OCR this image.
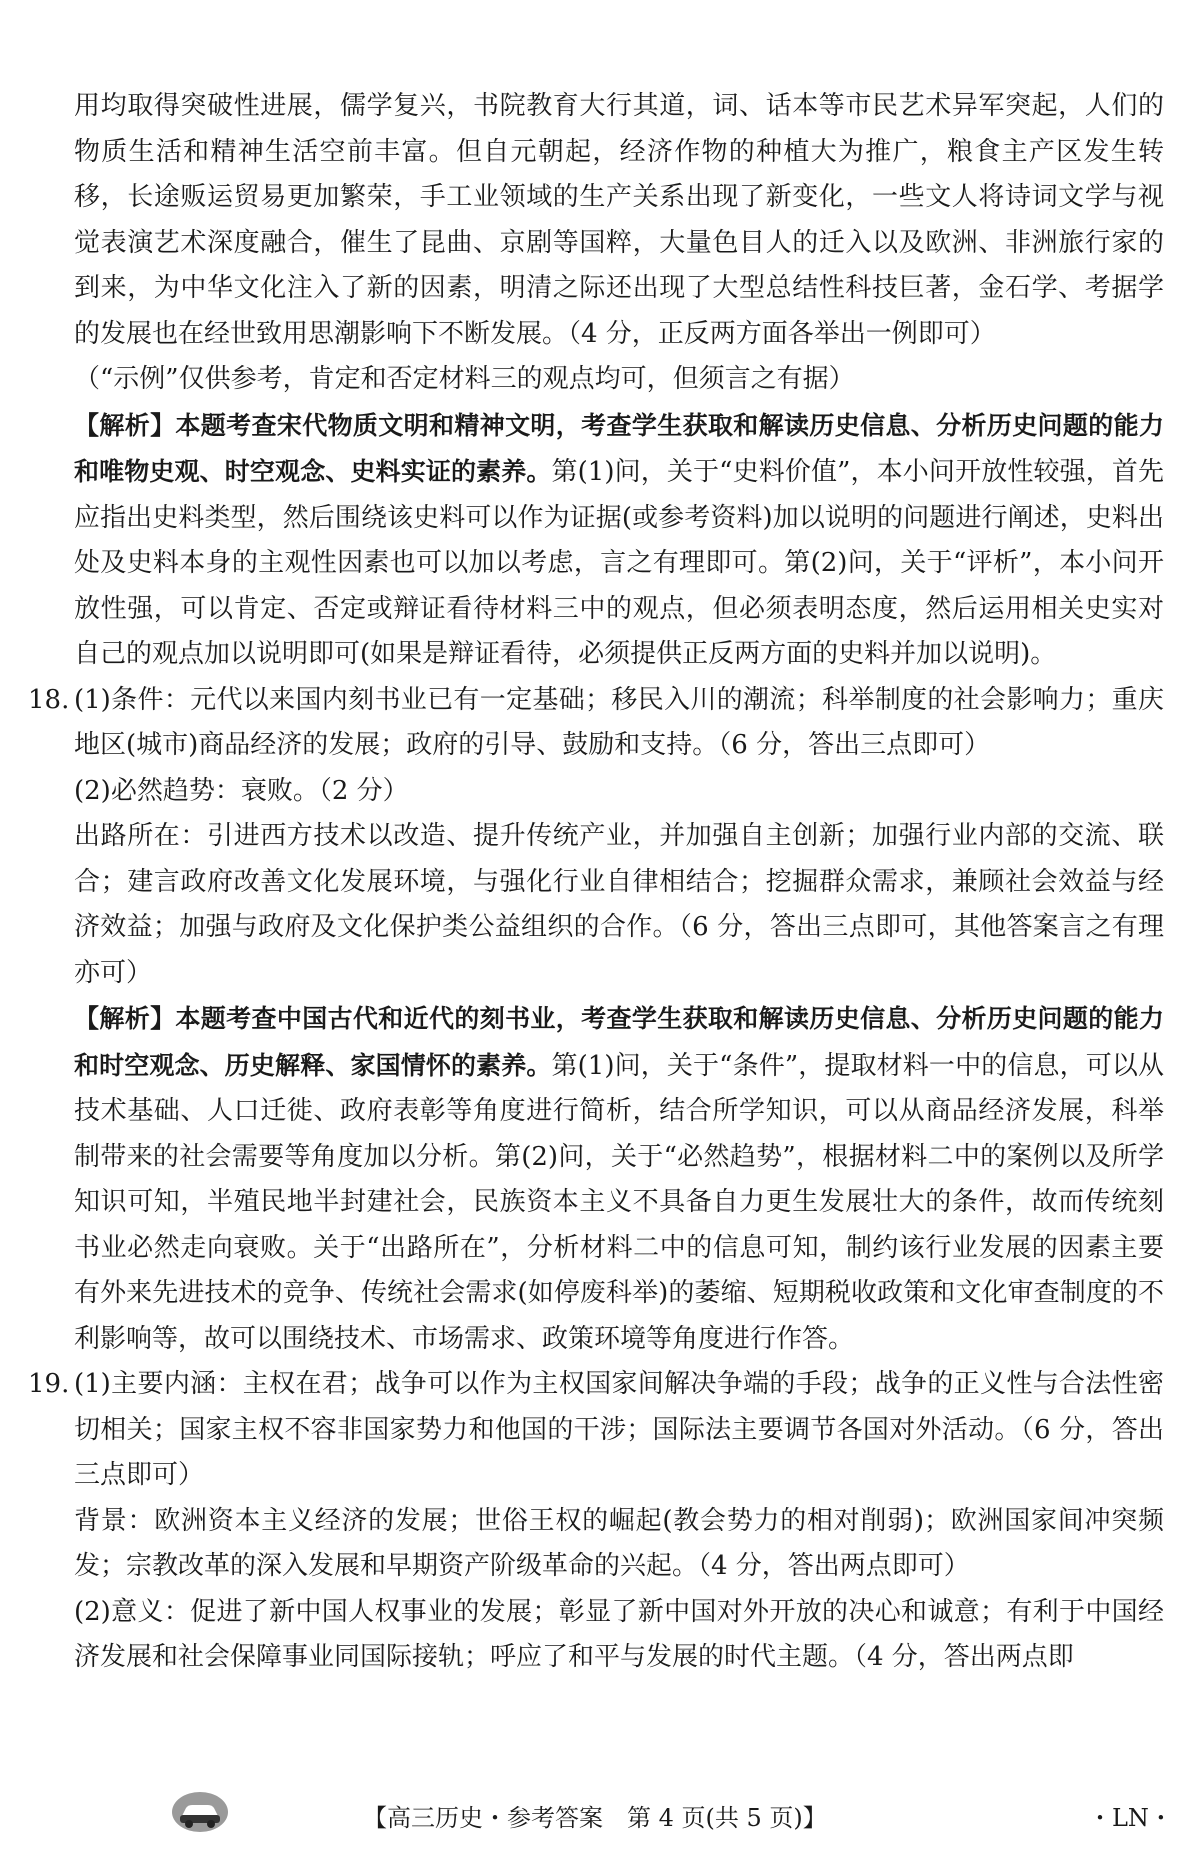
用均取得突破性进展，儒学复兴，书院教育大行其道，词、话本等市民艺术异军突起，人们的物质生活和精神生活空前丰富。但自元朝起，经济作物的种植大为推广，粮食主产区发生转移，长途贩运贸易更加繁荣，手工业领域的生产关系出现了新变化，一些文人将诗词文学与视觉表演艺术深度融合，催生了昆曲、京剧等国粹，大量色目人的迁入以及欧洲、非洲旅行家的到来，为中华文化注入了新的因素，明清之际还出现了大型总结性科技巨著，金石学、考据学的发展也在经世致用思潮影响下不断发展。（4 分，正反两方面各举出一例即可）

（“示例”仅供参考，肯定和否定材料三的观点均可，但须言之有据）

【解析】本题考查宋代物质文明和精神文明，考查学生获取和解读历史信息、分析历史问题的能力和唯物史观、时空观念、史料实证的素养。第(1)问，关于“史料价值”，本小问开放性较强，首先应指出史料类型，然后围绕该史料可以作为证据(或参考资料)加以说明的问题进行阐述，史料出处及史料本身的主观性因素也可以加以考虑，言之有理即可。第(2)问，关于“评析”，本小问开放性强，可以肯定、否定或辩证看待材料三中的观点，但必须表明态度，然后运用相关史实对自己的观点加以说明即可(如果是辩证看待，必须提供正反两方面的史料并加以说明)。

18. (1)条件：元代以来国内刻书业已有一定基础；移民入川的潮流；科举制度的社会影响力；重庆地区(城市)商品经济的发展；政府的引导、鼓励和支持。（6 分，答出三点即可）

(2)必然趋势：衰败。（2 分）

出路所在：引进西方技术以改造、提升传统产业，并加强自主创新；加强行业内部的交流、联合；建言政府改善文化发展环境，与强化行业自律相结合；挖掘群众需求，兼顾社会效益与经济效益；加强与政府及文化保护类公益组织的合作。（6 分，答出三点即可，其他答案言之有理亦可）

【解析】本题考查中国古代和近代的刻书业，考查学生获取和解读历史信息、分析历史问题的能力和时空观念、历史解释、家国情怀的素养。第(1)问，关于“条件”，提取材料一中的信息，可以从技术基础、人口迁徙、政府表彰等角度进行简析，结合所学知识，可以从商品经济发展，科举制带来的社会需要等角度加以分析。第(2)问，关于“必然趋势”，根据材料二中的案例以及所学知识可知，半殖民地半封建社会，民族资本主义不具备自力更生发展壮大的条件，故而传统刻书业必然走向衰败。关于“出路所在”，分析材料二中的信息可知，制约该行业发展的因素主要有外来先进技术的竞争、传统社会需求(如停废科举)的萎缩、短期税收政策和文化审查制度的不利影响等，故可以围绕技术、市场需求、政策环境等角度进行作答。

19. (1)主要内涵：主权在君；战争可以作为主权国家间解决争端的手段；战争的正义性与合法性密切相关；国家主权不容非国家势力和他国的干涉；国际法主要调节各国对外活动。（6 分，答出三点即可）

背景：欧洲资本主义经济的发展；世俗王权的崛起(教会势力的相对削弱)；欧洲国家间冲突频发；宗教改革的深入发展和早期资产阶级革命的兴起。（4 分，答出两点即可）

(2)意义：促进了新中国人权事业的发展；彰显了新中国对外开放的决心和诚意；有利于中国经济发展和社会保障事业同国际接轨；呼应了和平与发展的时代主题。（4 分，答出两点即

【高三历史・参考答案　第 4 页(共 5 页)】	・LN・
